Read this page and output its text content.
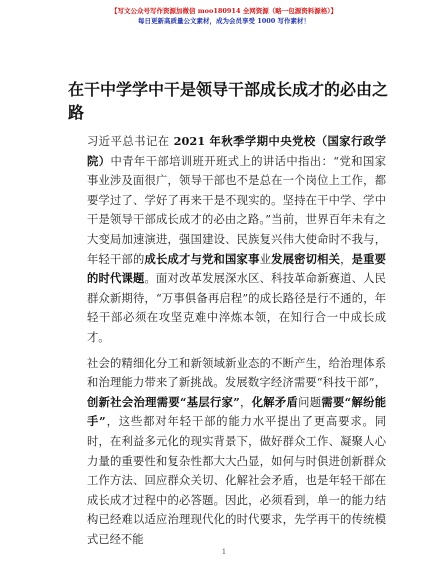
【写文公众号写作资源加微信 moo180914 全网资源（略一包源资料源格）】
每日更新高质量公文素材，成为会员享受 1000 写作素材！
在干中学学中干是领导干部成长成才的必由之路

习近平总书记在 2021 年秋季学期中央党校（国家行政学院）中青年干部培训班开班式上的讲话中指出：“党和国家事业涉及面很广，领导干部也不是总在一个岗位上工作，都要学过了、学好了再来干是不现实的。坚持在干中学、学中干是领导干部成长成才的必由之路。”当前，世界百年未有之大变局加速演进，强国建设、民族复兴伟大使命时不我与，年轻干部的成长成才与党和国家事业发展密切相关，是重要的时代课题。面对改革发展深水区、科技革命新赛道、人民群众新期待，“万事俱备再启程”的成长路径是行不通的，年轻干部必须在攻坚克难中淬炼本领，在知行合一中成长成才。

社会的精细化分工和新领域新业态的不断产生，给治理体系和治理能力带来了新挑战。发展数字经济需要“科技干部”，创新社会治理需要“基层行家”，化解矛盾问题需要“解纷能手”，这些都对年轻干部的能力水平提出了更高要求。同时，在利益多元化的现实背景下，做好群众工作、凝聚人心力量的重要性和复杂性都大大凸显，如何与时俱进创新群众工作方法、回应群众关切、化解社会矛盾，也是年轻干部在成长成才过程中的必答题。因此，必须看到，单一的能力结构已经难以适应治理现代化的时代要求，先学再干的传统模式已经不能

1
